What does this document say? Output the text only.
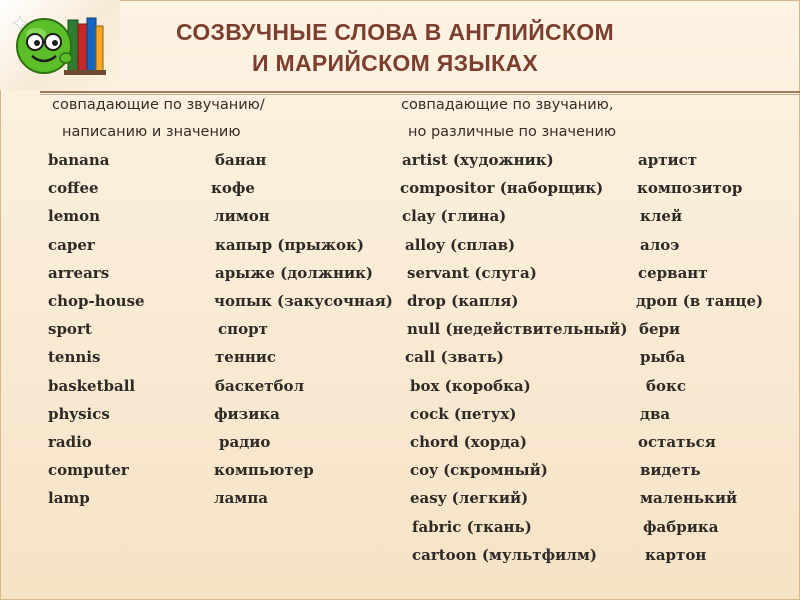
СОЗВУЧНЫЕ СЛОВА В АНГЛИЙСКОМ
И МАРИЙСКОМ ЯЗЫКАХ
совпадающие по звучанию/
написанию и значению
совпадающие по звучанию,
но различные по значению
banana
coffee
lemon
caper
arrears
chop-house
sport
tennis
basketball
physics
radio
computer
lamp
банан
кофе
лимон
капыр (прыжок)
арыже (должник)
чопык (закусочная)
спорт
теннис
баскетбол
физика
радио
компьютер
лампа
artist (художник)
compositor (наборщик)
clay (глина)
alloy (сплав)
servant (слуга)
drop (капля)
null (недействительный)
call (звать)
box (коробка)
cock (петух)
chord (хорда)
coy (скромный)
easy (легкий)
fabric (ткань)
cartoon (мультфилм)
артист
композитор
клей
алоэ
сервант
дроп (в танце)
бери
рыба
бокс
два
остаться
видеть
маленький
фабрика
картон
